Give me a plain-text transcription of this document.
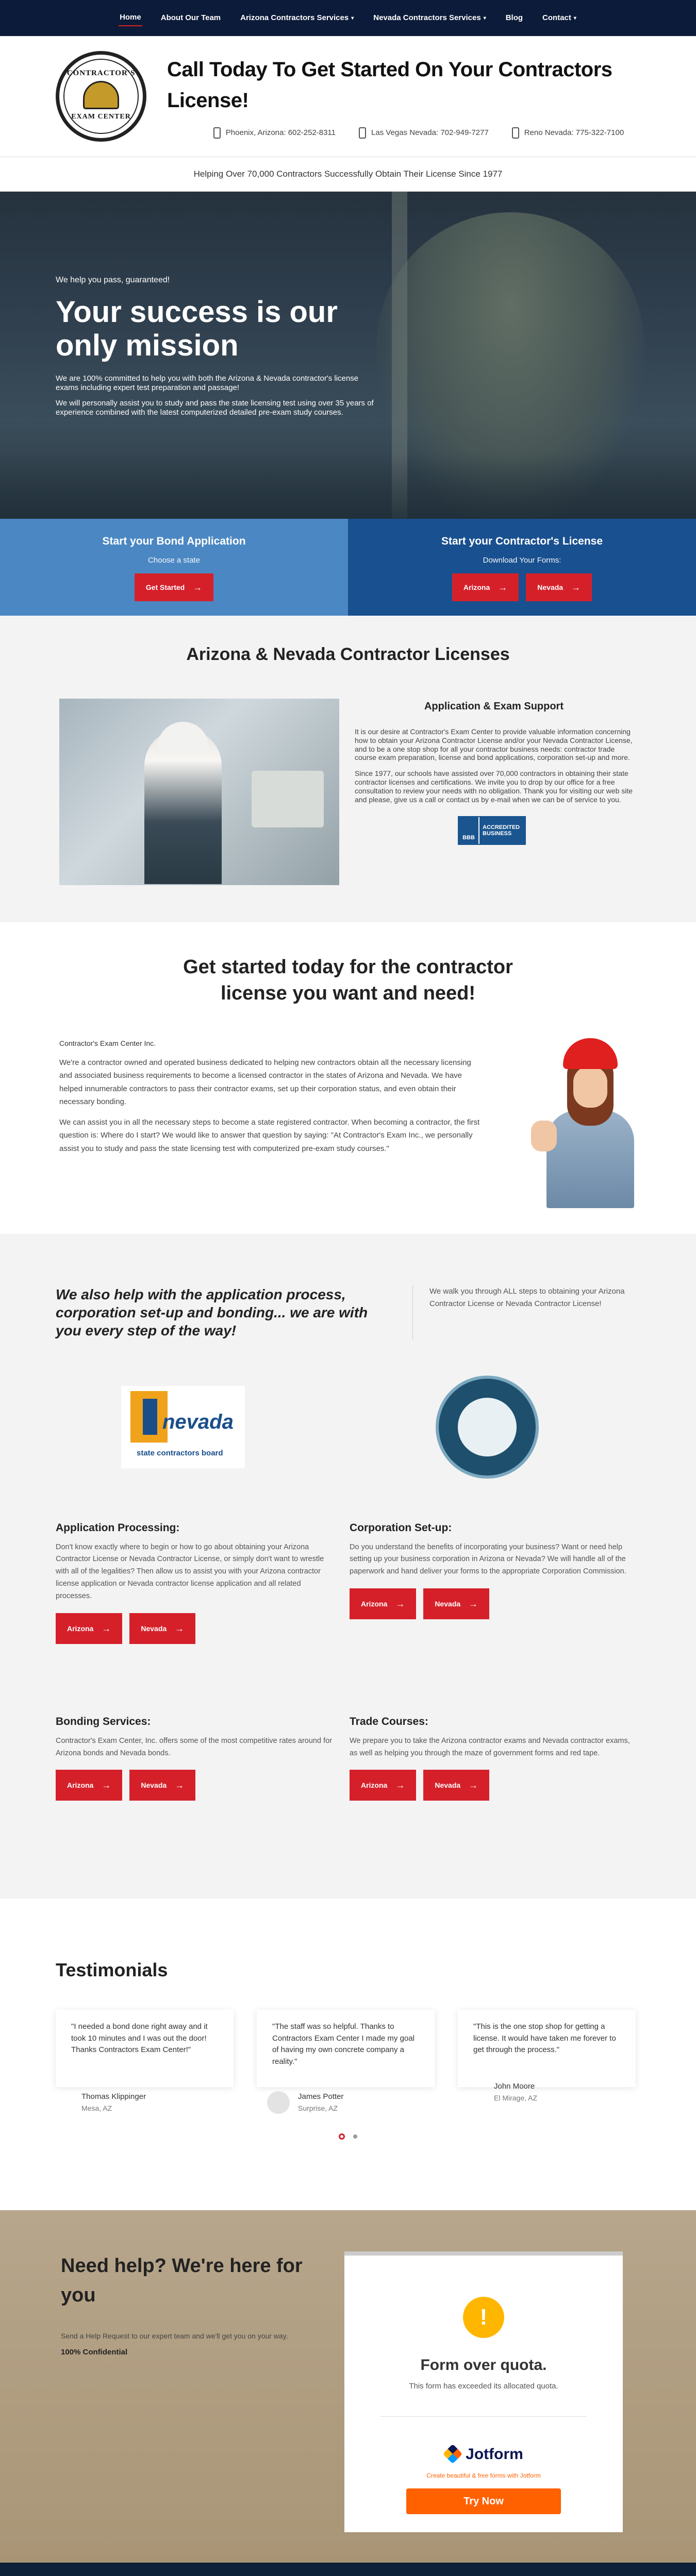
Home	About Our Team	Arizona Contractors Services ▾	Nevada Contractors Services ▾	Blog	Contact ▾
CONTRACTOR'S
EXAM CENTER
Call Today To Get Started On Your Contractors License!
Phoenix, Arizona: 602-252-8311	Las Vegas Nevada: 702-949-7277	Reno Nevada: 775-322-7100
Helping Over 70,000 Contractors Successfully Obtain Their License Since 1977
We help you pass, guaranteed!
Your success is our only mission

We are 100% committed to help you with both the Arizona & Nevada contractor's license exams including expert test preparation and passage!

We will personally assist you to study and pass the state licensing test using over 35 years of experience combined with the latest computerized detailed pre-exam study courses.

Start your Bond Application
Choose a state
Get Started →
Start your Contractor's License
Download Your Forms:
Arizona →	Nevada →
Arizona & Nevada Contractor Licenses
Application & Exam Support

It is our desire at Contractor's Exam Center to provide valuable information concerning how to obtain your Arizona Contractor License and/or your Nevada Contractor License, and to be a one stop shop for all your contractor business needs: contractor trade course exam preparation, license and bond applications, corporation set-up and more.

Since 1977, our schools have assisted over 70,000 contractors in obtaining their state contractor licenses and certifications. We invite you to drop by our office for a free consultation to review your needs with no obligation. Thank you for visiting our web site and please, give us a call or contact us by e-mail when we can be of service to you.

BBB
ACCREDITED
BUSINESS
Get started today for the contractor license you want and need!
Contractor's Exam Center Inc.

We're a contractor owned and operated business dedicated to helping new contractors obtain all the necessary licensing and associated business requirements to become a licensed contractor in the states of Arizona and Nevada. We have helped innumerable contractors to pass their contractor exams, set up their corporation status, and even obtain their necessary bonding.

We can assist you in all the necessary steps to become a state registered contractor. When becoming a contractor, the first question is: Where do I start? We would like to answer that question by saying: "At Contractor's Exam Inc., we personally assist you to study and pass the state licensing test with computerized pre-exam study courses."

We also help with the application process, corporation set-up and bonding... we are with you every step of the way!

We walk you through ALL steps to obtaining your Arizona Contractor License or Nevada Contractor License!

nevada
state contractors board
Application Processing:

Don't know exactly where to begin or how to go about obtaining your Arizona Contractor License or Nevada Contractor License, or simply don't want to wrestle with all of the legalities? Then allow us to assist you with your Arizona contractor license application or Nevada contractor license application and all related processes.

Arizona →	Nevada →
Corporation Set-up:

Do you understand the benefits of incorporating your business? Want or need help setting up your business corporation in Arizona or Nevada? We will handle all of the paperwork and hand deliver your forms to the appropriate Corporation Commission.

Arizona →	Nevada →
Bonding Services:

Contractor's Exam Center, Inc. offers some of the most competitive rates around for Arizona bonds and Nevada bonds.

Arizona →	Nevada →
Trade Courses:

We prepare you to take the Arizona contractor exams and Nevada contractor exams, as well as helping you through the maze of government forms and red tape.

Arizona →	Nevada →
Testimonials
"I needed a bond done right away and it took 10 minutes and I was out the door! Thanks Contractors Exam Center!"
Thomas Klippinger
Mesa, AZ
"The staff was so helpful. Thanks to Contractors Exam Center I made my goal of having my own concrete company a reality."
James Potter
Surprise, AZ
"This is the one stop shop for getting a license. It would have taken me forever to get through the process."
John Moore
El Mirage, AZ
Need help? We're here for you

Send a Help Request to our expert team and we'll get you on your way.

100% Confidential

!
Form over quota.
This form has exceeded its allocated quota.
Jotform
Create beautiful & free forms with Jotform
Try Now
